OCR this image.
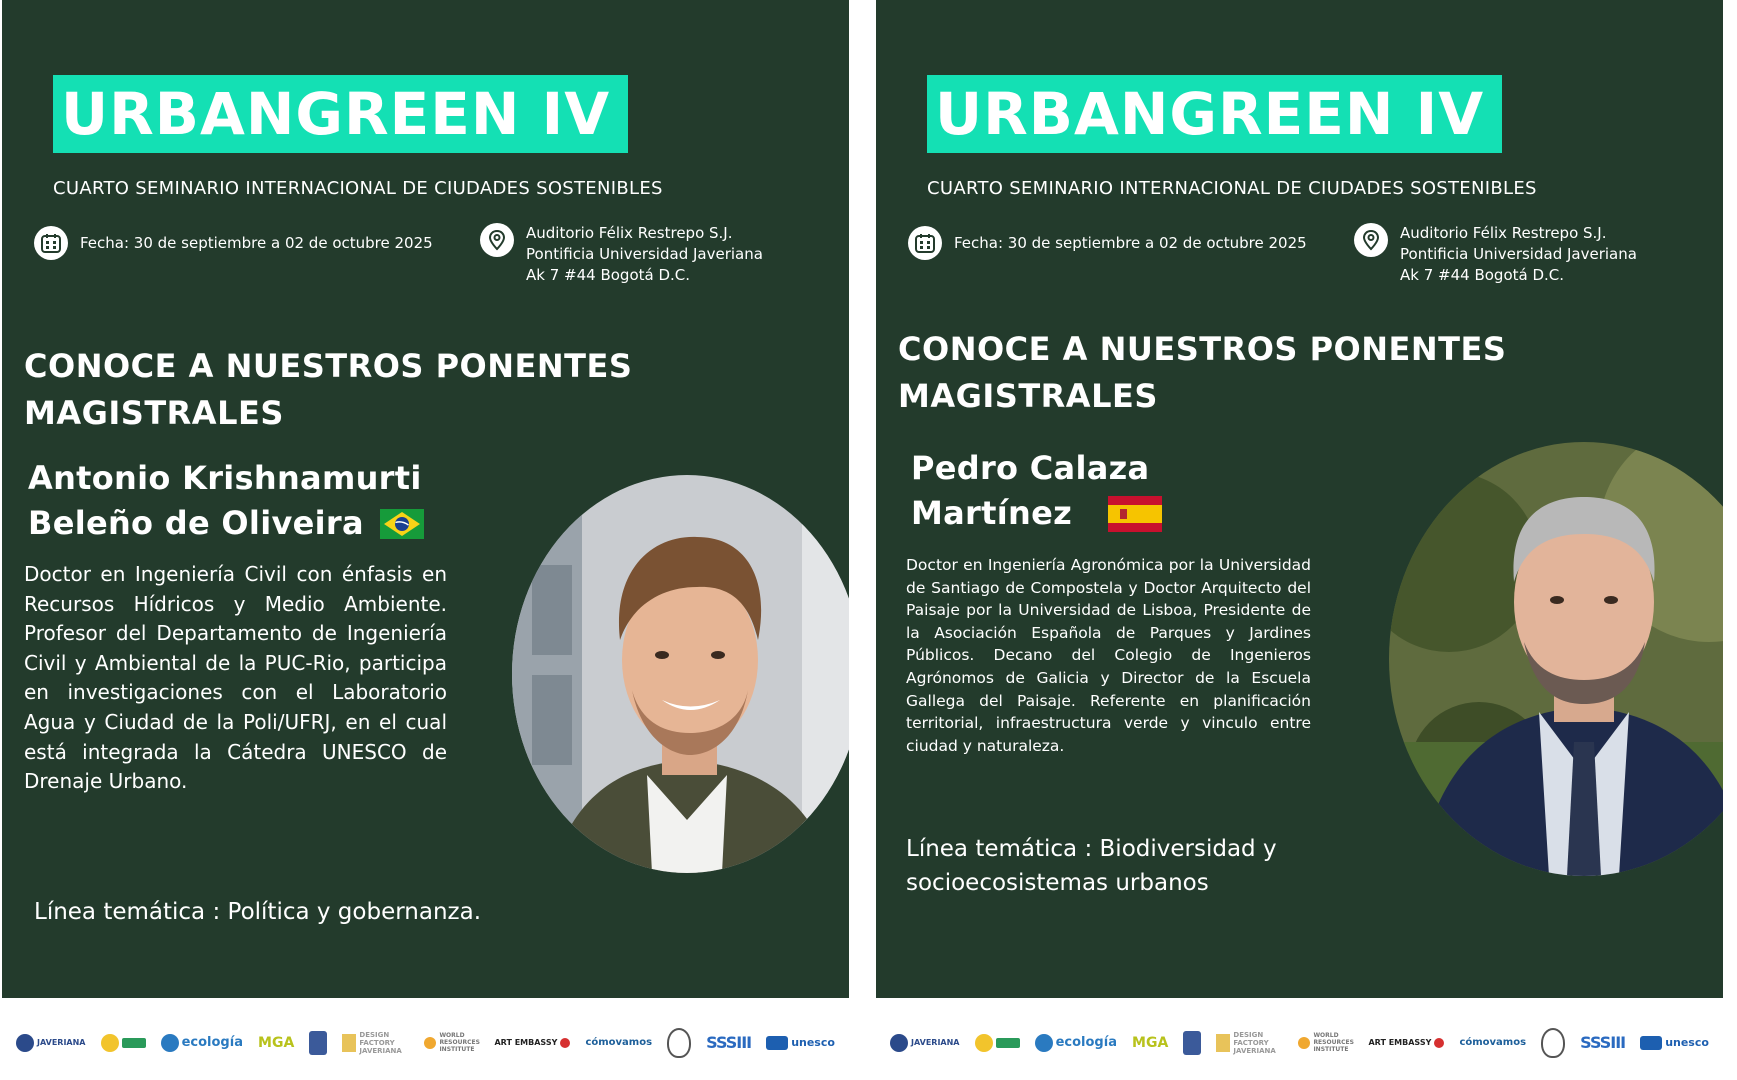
URBANGREEN IV
CUARTO SEMINARIO INTERNACIONAL DE CIUDADES SOSTENIBLES
Fecha: 30 de septiembre a 02 de octubre 2025
Auditorio Félix Restrepo S.J.
Pontificia Universidad Javeriana
Ak 7 #44 Bogotá D.C.
CONOCE A NUESTROS PONENTES
MAGISTRALES
Antonio Krishnamurti
Beleño de Oliveira
Doctor en Ingeniería Civil con énfasis en Recursos Hídricos y Medio Ambiente. Profesor del Departamento de Ingeniería Civil y Ambiental de la PUC-Rio, participa en investigaciones con el Laboratorio Agua y Ciudad de la Poli/UFRJ, en el cual está integrada la Cátedra UNESCO de Drenaje Urbano.
Línea temática : Política y gobernanza.
URBANGREEN IV
CUARTO SEMINARIO INTERNACIONAL DE CIUDADES SOSTENIBLES
Fecha: 30 de septiembre a 02 de octubre 2025
Auditorio Félix Restrepo S.J.
Pontificia Universidad Javeriana
Ak 7 #44 Bogotá D.C.
CONOCE A NUESTROS PONENTES
MAGISTRALES
Pedro Calaza
Martínez
Doctor en Ingeniería Agronómica por la Universidad de Santiago de Compostela y Doctor Arquitecto del Paisaje por la Universidad de Lisboa, Presidente de la Asociación Española de Parques y Jardines Públicos. Decano del Colegio de Ingenieros Agrónomos de Galicia y Director de la Escuela Gallega del Paisaje. Referente en planificación territorial, infraestructura verde y vinculo entre ciudad y naturaleza.
Línea temática : Biodiversidad y
socioecosistemas urbanos
JAVERIANA	ecología MGA	DESIGN FACTORY JAVERIANA
WORLD RESOURCES INSTITUTE
ART EMBASSY	cómovamos	SSSIII	unesco	JAVERIANA	ecología MGA	DESIGN FACTORY JAVERIANA
WORLD RESOURCES INSTITUTE
ART EMBASSY	cómovamos	SSSIII	unesco
